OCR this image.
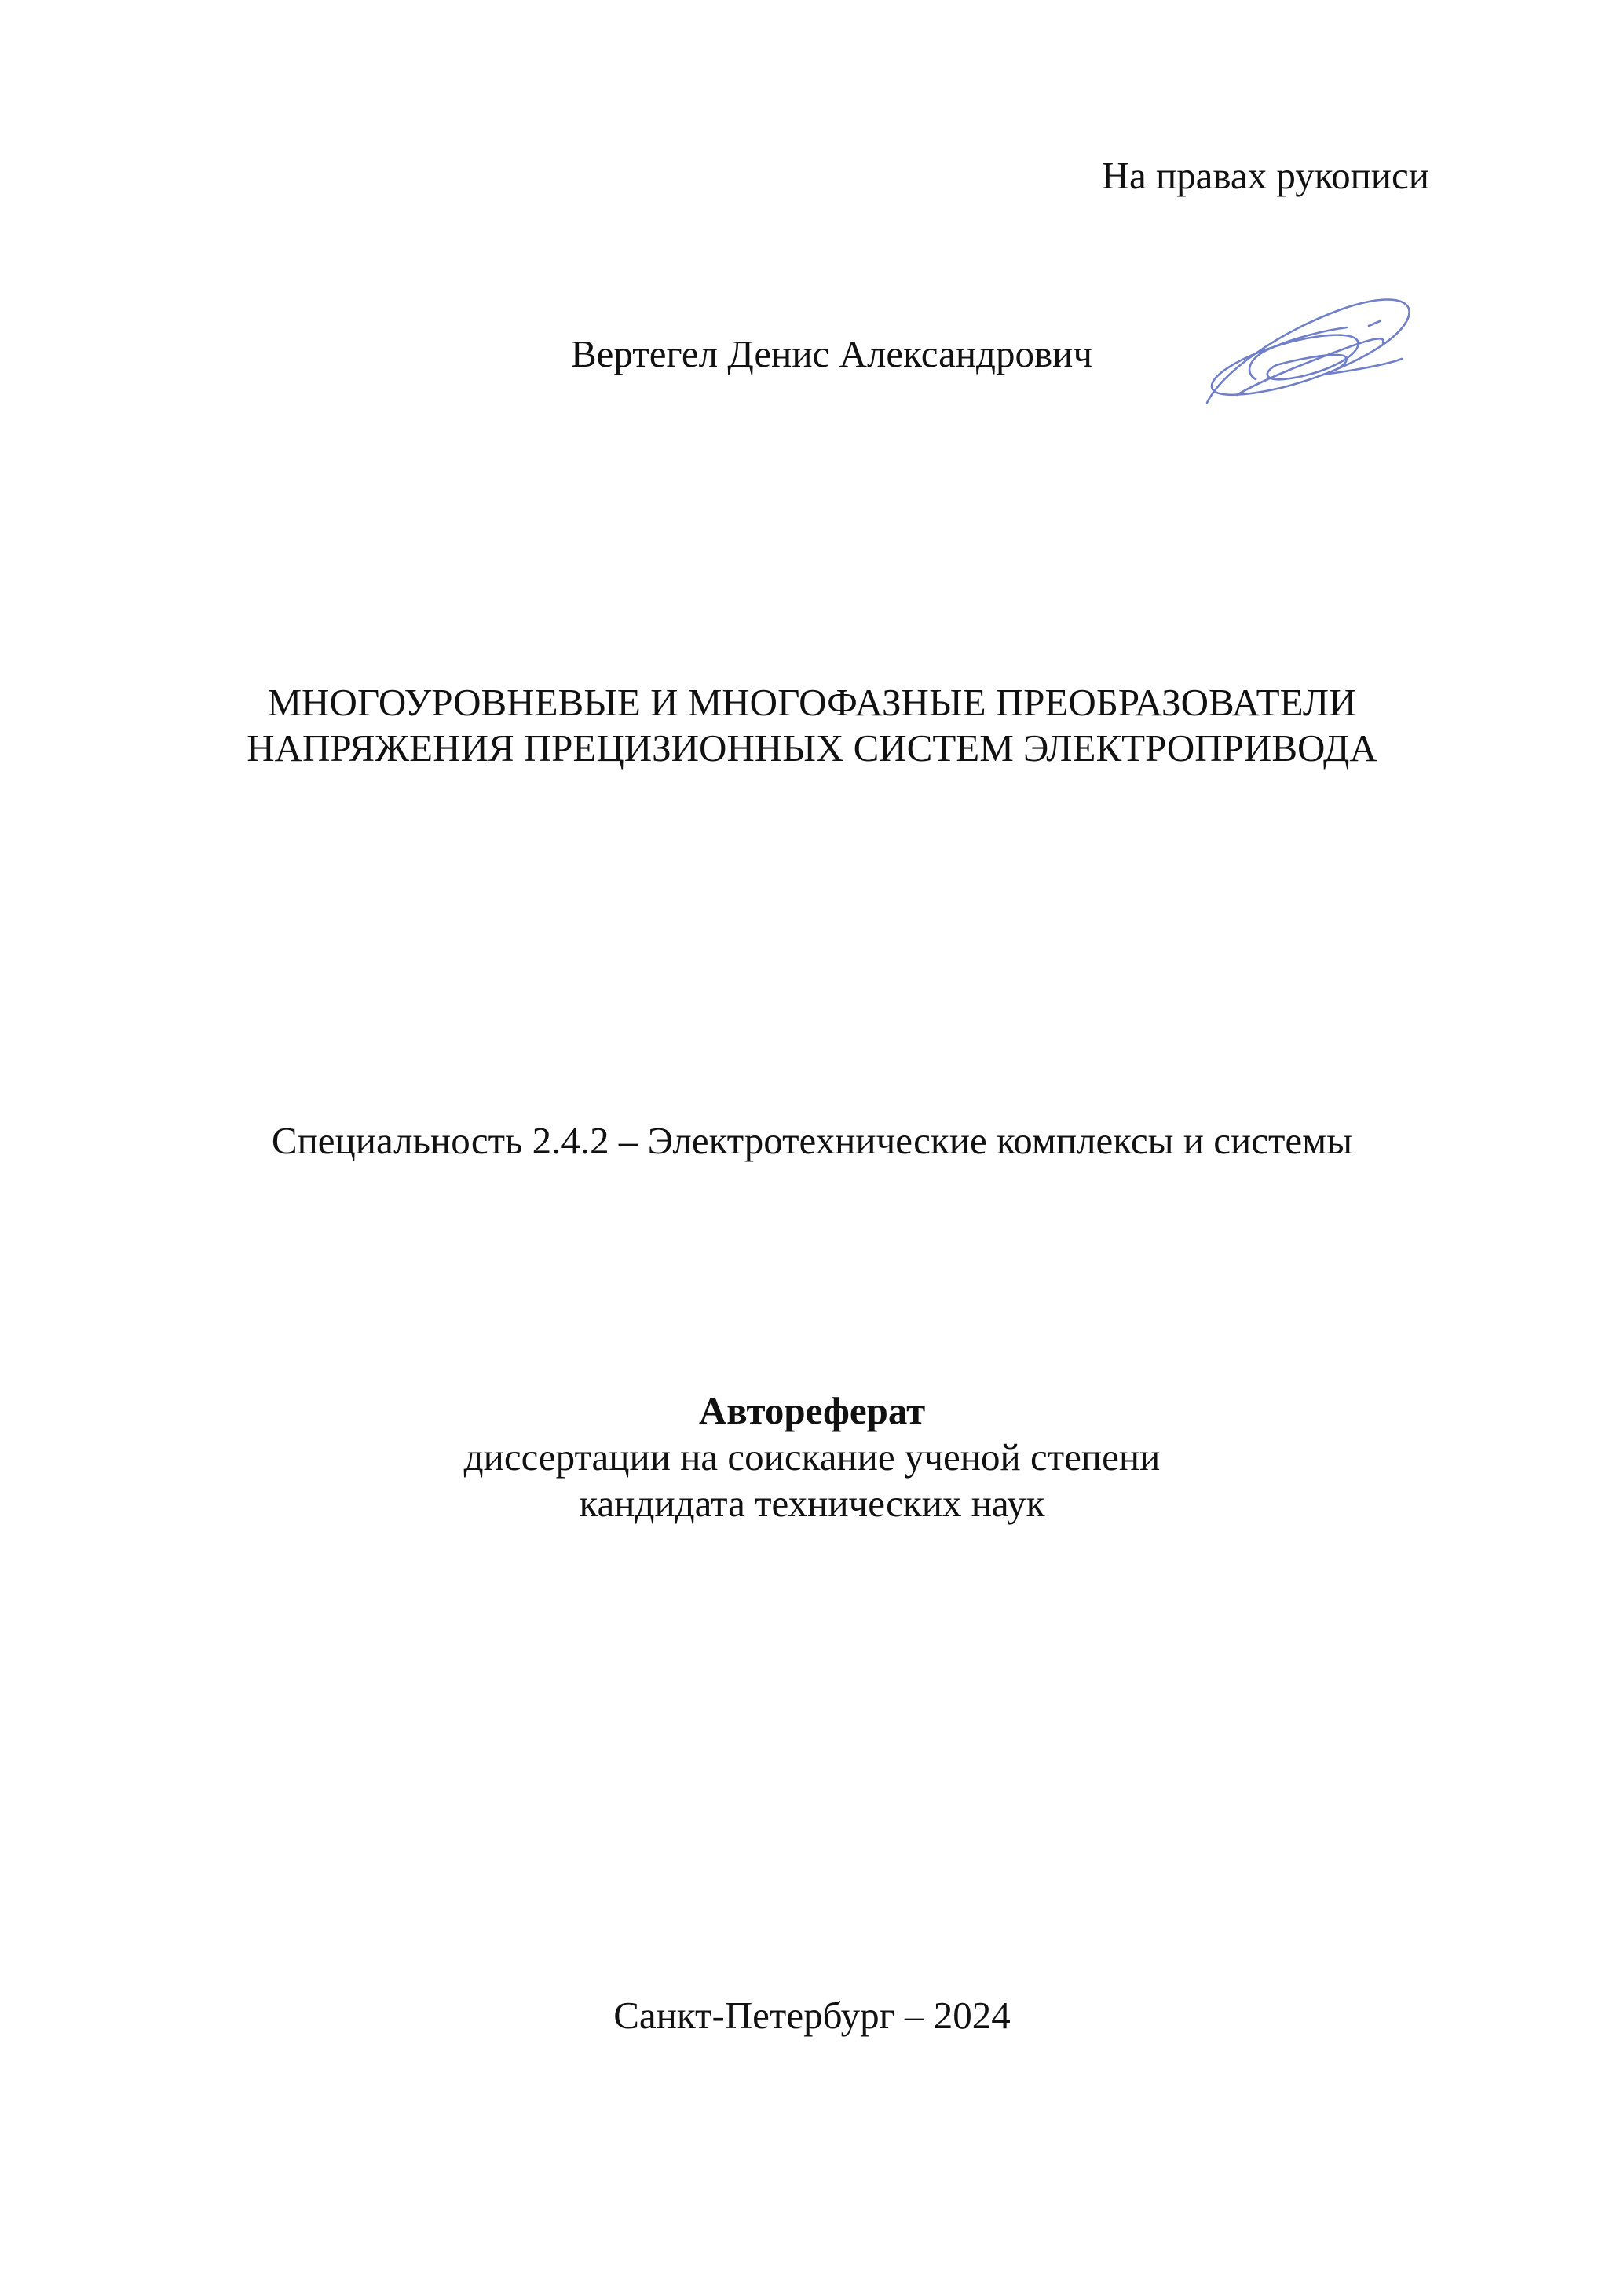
На правах рукописи
Вертегел Денис Александрович
МНОГОУРОВНЕВЫЕ И МНОГОФАЗНЫЕ ПРЕОБРАЗОВАТЕЛИ
НАПРЯЖЕНИЯ ПРЕЦИЗИОННЫХ СИСТЕМ ЭЛЕКТРОПРИВОДА
Специальность 2.4.2 – Электротехнические комплексы и системы
Автореферат
диссертации на соискание ученой степени
кандидата технических наук
Санкт-Петербург – 2024
